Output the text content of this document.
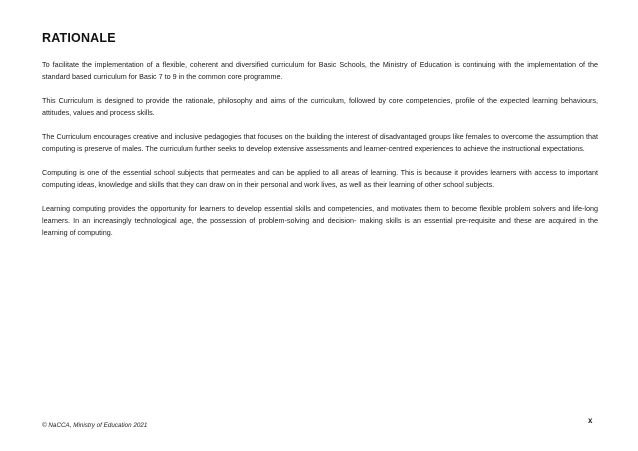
RATIONALE

To facilitate the implementation of a flexible, coherent and diversified curriculum for Basic Schools, the Ministry of Education is continuing with the implementation of the standard based curriculum for Basic 7 to 9 in the common core programme.

This Curriculum is designed to provide the rationale, philosophy and aims of the curriculum, followed by core competencies, profile of the expected learning behaviours, attitudes, values and process skills.

The Curriculum encourages creative and inclusive pedagogies that focuses on the building the interest of disadvantaged groups like females to overcome the assumption that computing is preserve of males. The curriculum further seeks to develop extensive assessments and learner-centred experiences to achieve the instructional expectations.

Computing is one of the essential school subjects that permeates and can be applied to all areas of learning. This is because it provides learners with access to important computing ideas, knowledge and skills that they can draw on in their personal and work lives, as well as their learning of other school subjects.

Learning computing provides the opportunity for learners to develop essential skills and competencies, and motivates them to become flexible problem solvers and life-long learners. In an increasingly technological age, the possession of problem-solving and decision- making skills is an essential pre-requisite and these are acquired in the learning of computing.

© NaCCA, Ministry of Education 2021
x
